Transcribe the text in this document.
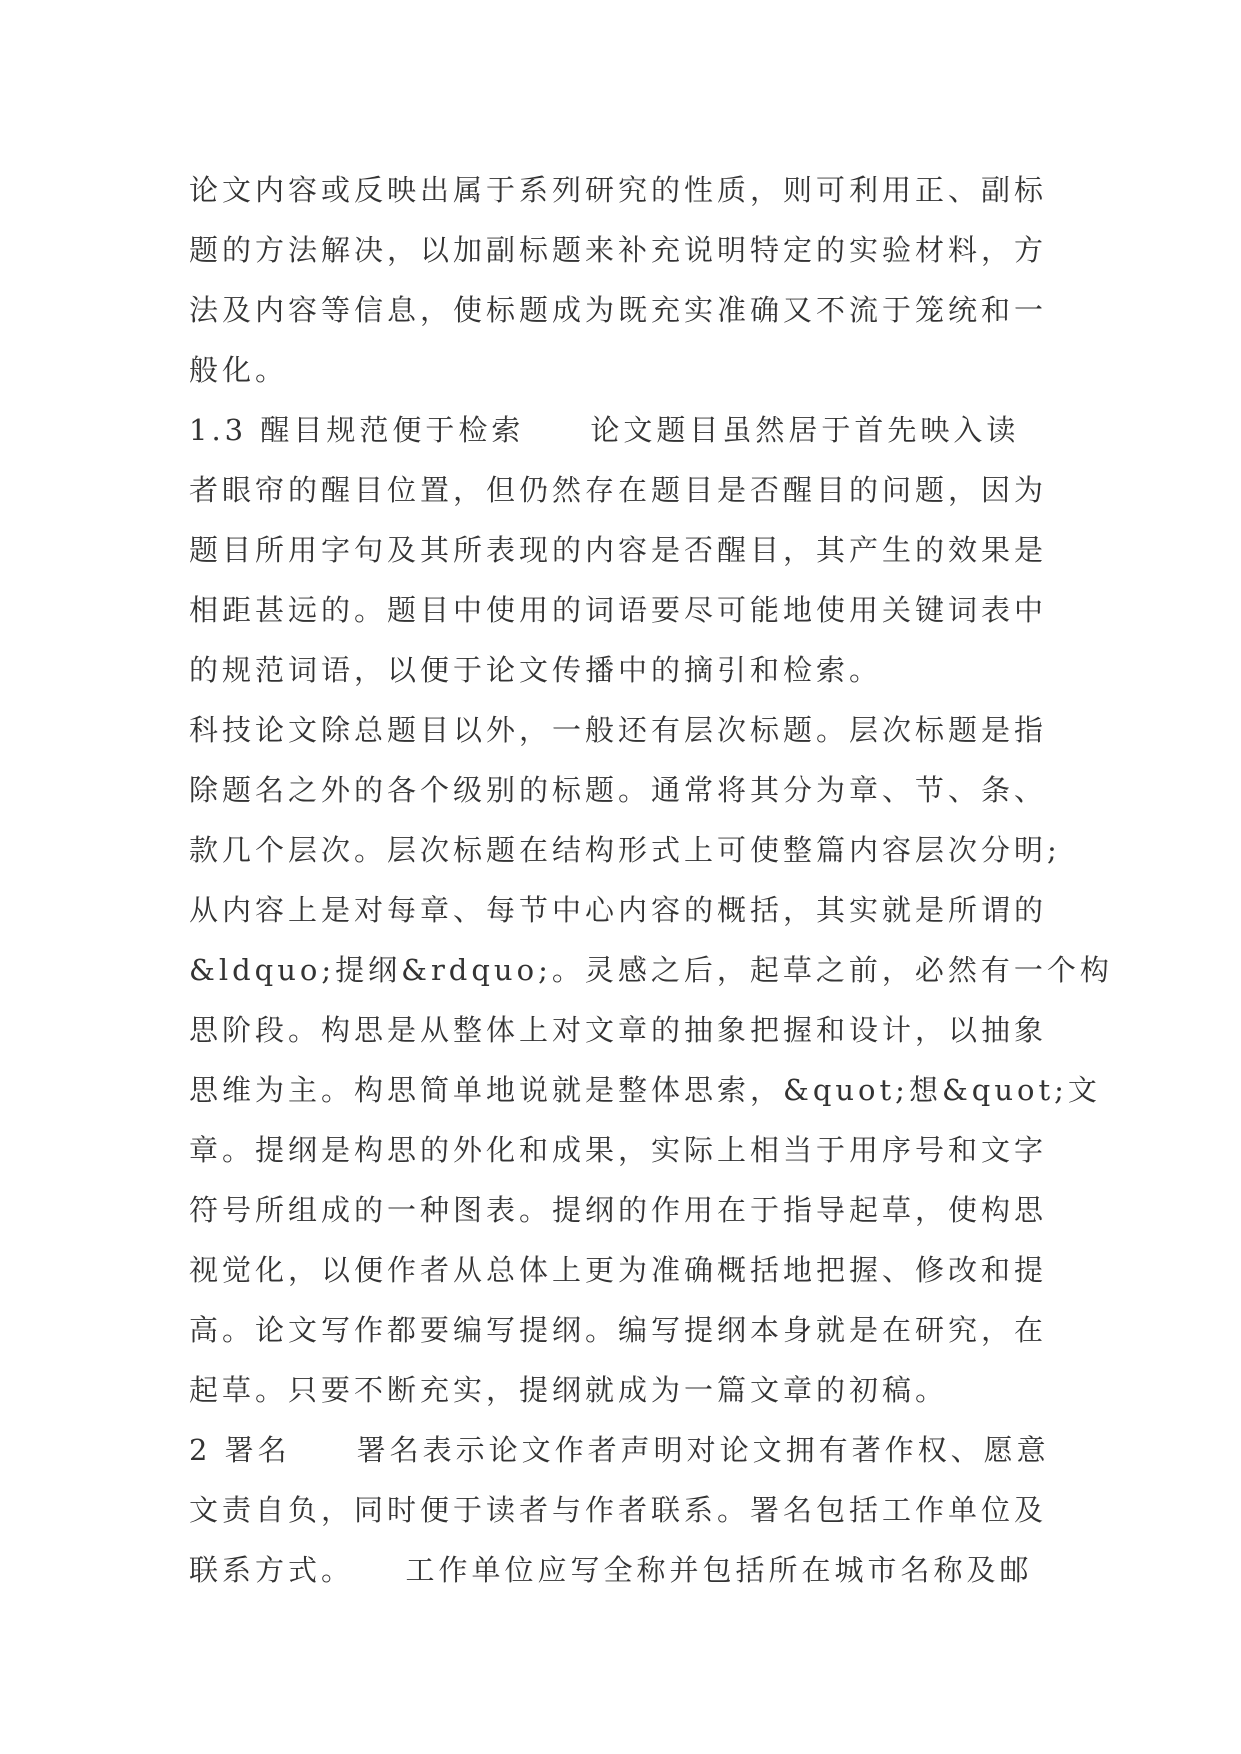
论文内容或反映出属于系列研究的性质，则可利用正、副标
题的方法解决，以加副标题来补充说明特定的实验材料，方
法及内容等信息，使标题成为既充实准确又不流于笼统和一
般化。
1.3 醒目规范便于检索　　论文题目虽然居于首先映入读
者眼帘的醒目位置，但仍然存在题目是否醒目的问题，因为
题目所用字句及其所表现的内容是否醒目，其产生的效果是
相距甚远的。题目中使用的词语要尽可能地使用关键词表中
的规范词语，以便于论文传播中的摘引和检索。
科技论文除总题目以外，一般还有层次标题。层次标题是指
除题名之外的各个级别的标题。通常将其分为章、节、条、
款几个层次。层次标题在结构形式上可使整篇内容层次分明;
从内容上是对每章、每节中心内容的概括，其实就是所谓的
&ldquo;提纲&rdquo;。灵感之后，起草之前，必然有一个构
思阶段。构思是从整体上对文章的抽象把握和设计，以抽象
思维为主。构思简单地说就是整体思索，&quot;想&quot;文
章。提纲是构思的外化和成果，实际上相当于用序号和文字
符号所组成的一种图表。提纲的作用在于指导起草，使构思
视觉化，以便作者从总体上更为准确概括地把握、修改和提
高。论文写作都要编写提纲。编写提纲本身就是在研究，在
起草。只要不断充实，提纲就成为一篇文章的初稿。
2 署名　　署名表示论文作者声明对论文拥有著作权、愿意
文责自负，同时便于读者与作者联系。署名包括工作单位及
联系方式。　　工作单位应写全称并包括所在城市名称及邮
